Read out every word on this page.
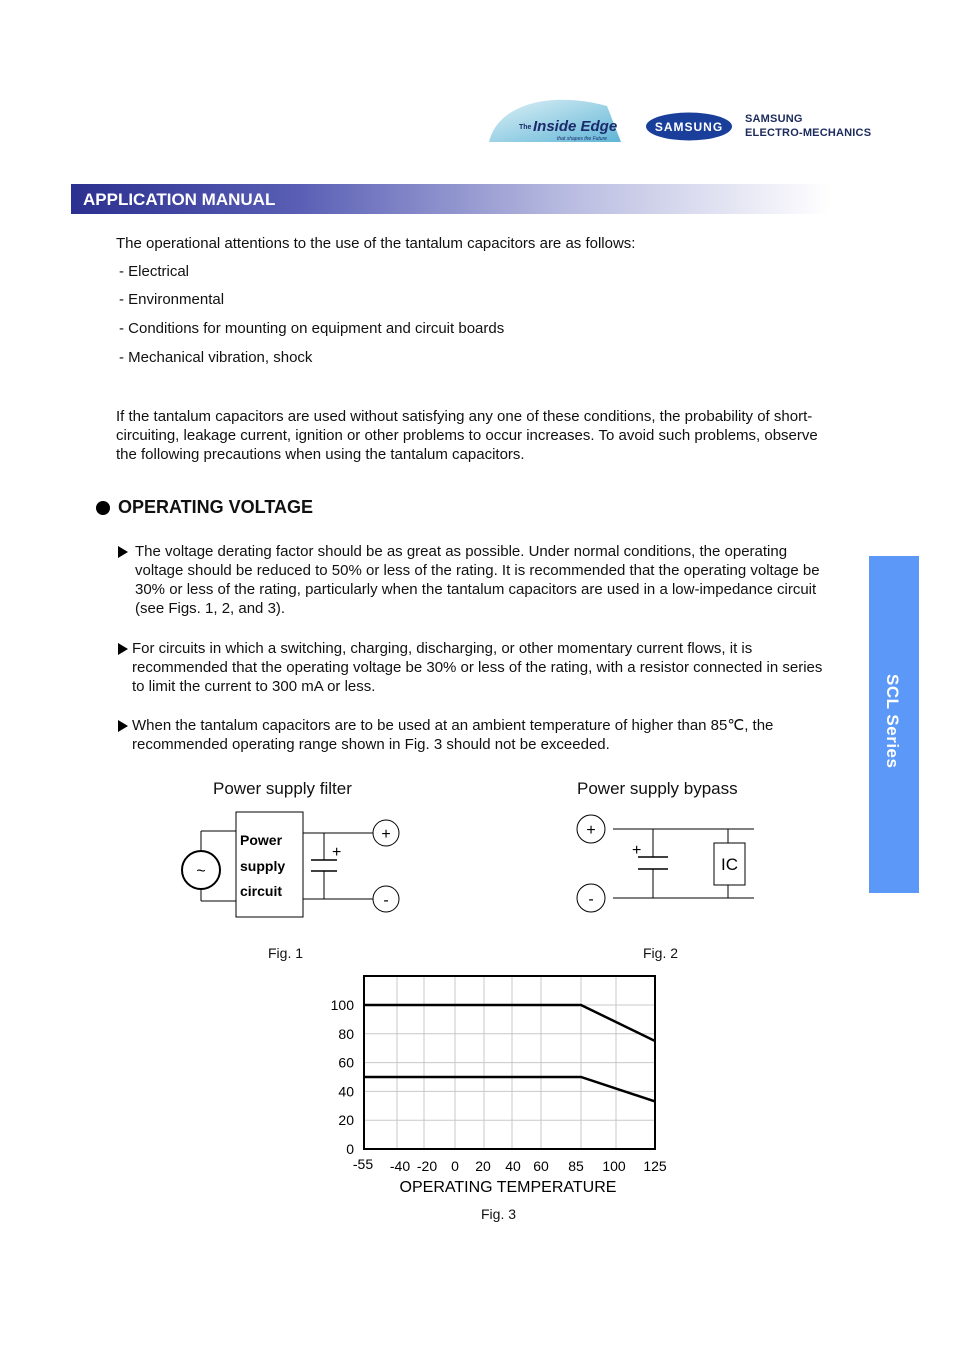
The Inside Edge
that shapes the Future
SAMSUNG
SAMSUNG
ELECTRO-MECHANICS
APPLICATION MANUAL
The operational attentions to the use of the tantalum capacitors are as follows:
- Electrical
- Environmental
- Conditions for mounting on equipment and circuit boards
- Mechanical vibration, shock
If the tantalum capacitors are used without satisfying any one of these conditions, the probability of short-circuiting, leakage current, ignition or other problems to occur increases. To avoid such problems, observe the following precautions when using the tantalum capacitors.
OPERATING VOLTAGE
The voltage derating factor should be as great as possible. Under normal conditions, the operating voltage should be reduced to 50% or less of the rating. It is recommended that the operating voltage be 30% or less of the rating, particularly when the tantalum capacitors are used in a low-impedance circuit (see Figs. 1, 2, and 3).
For circuits in which a switching, charging, discharging, or other momentary current flows, it is recommended that the operating voltage be 30% or less of the rating, with a resistor connected in series to limit the current to 300 mA or less.
When the tantalum capacitors are to be used at an ambient temperature of higher than 85℃, the recommended operating range shown in Fig. 3 should not be exceeded.	SCL Series
Power supply filter
~
Power
supply
circuit
+
+
-
Fig. 1
Power supply bypass
+
-
+
IC
Fig. 2
0
20
40
60
80
100
-55 -40 -20 0 20 40 60 85 100 125
OPERATING TEMPERATURE
Fig. 3
